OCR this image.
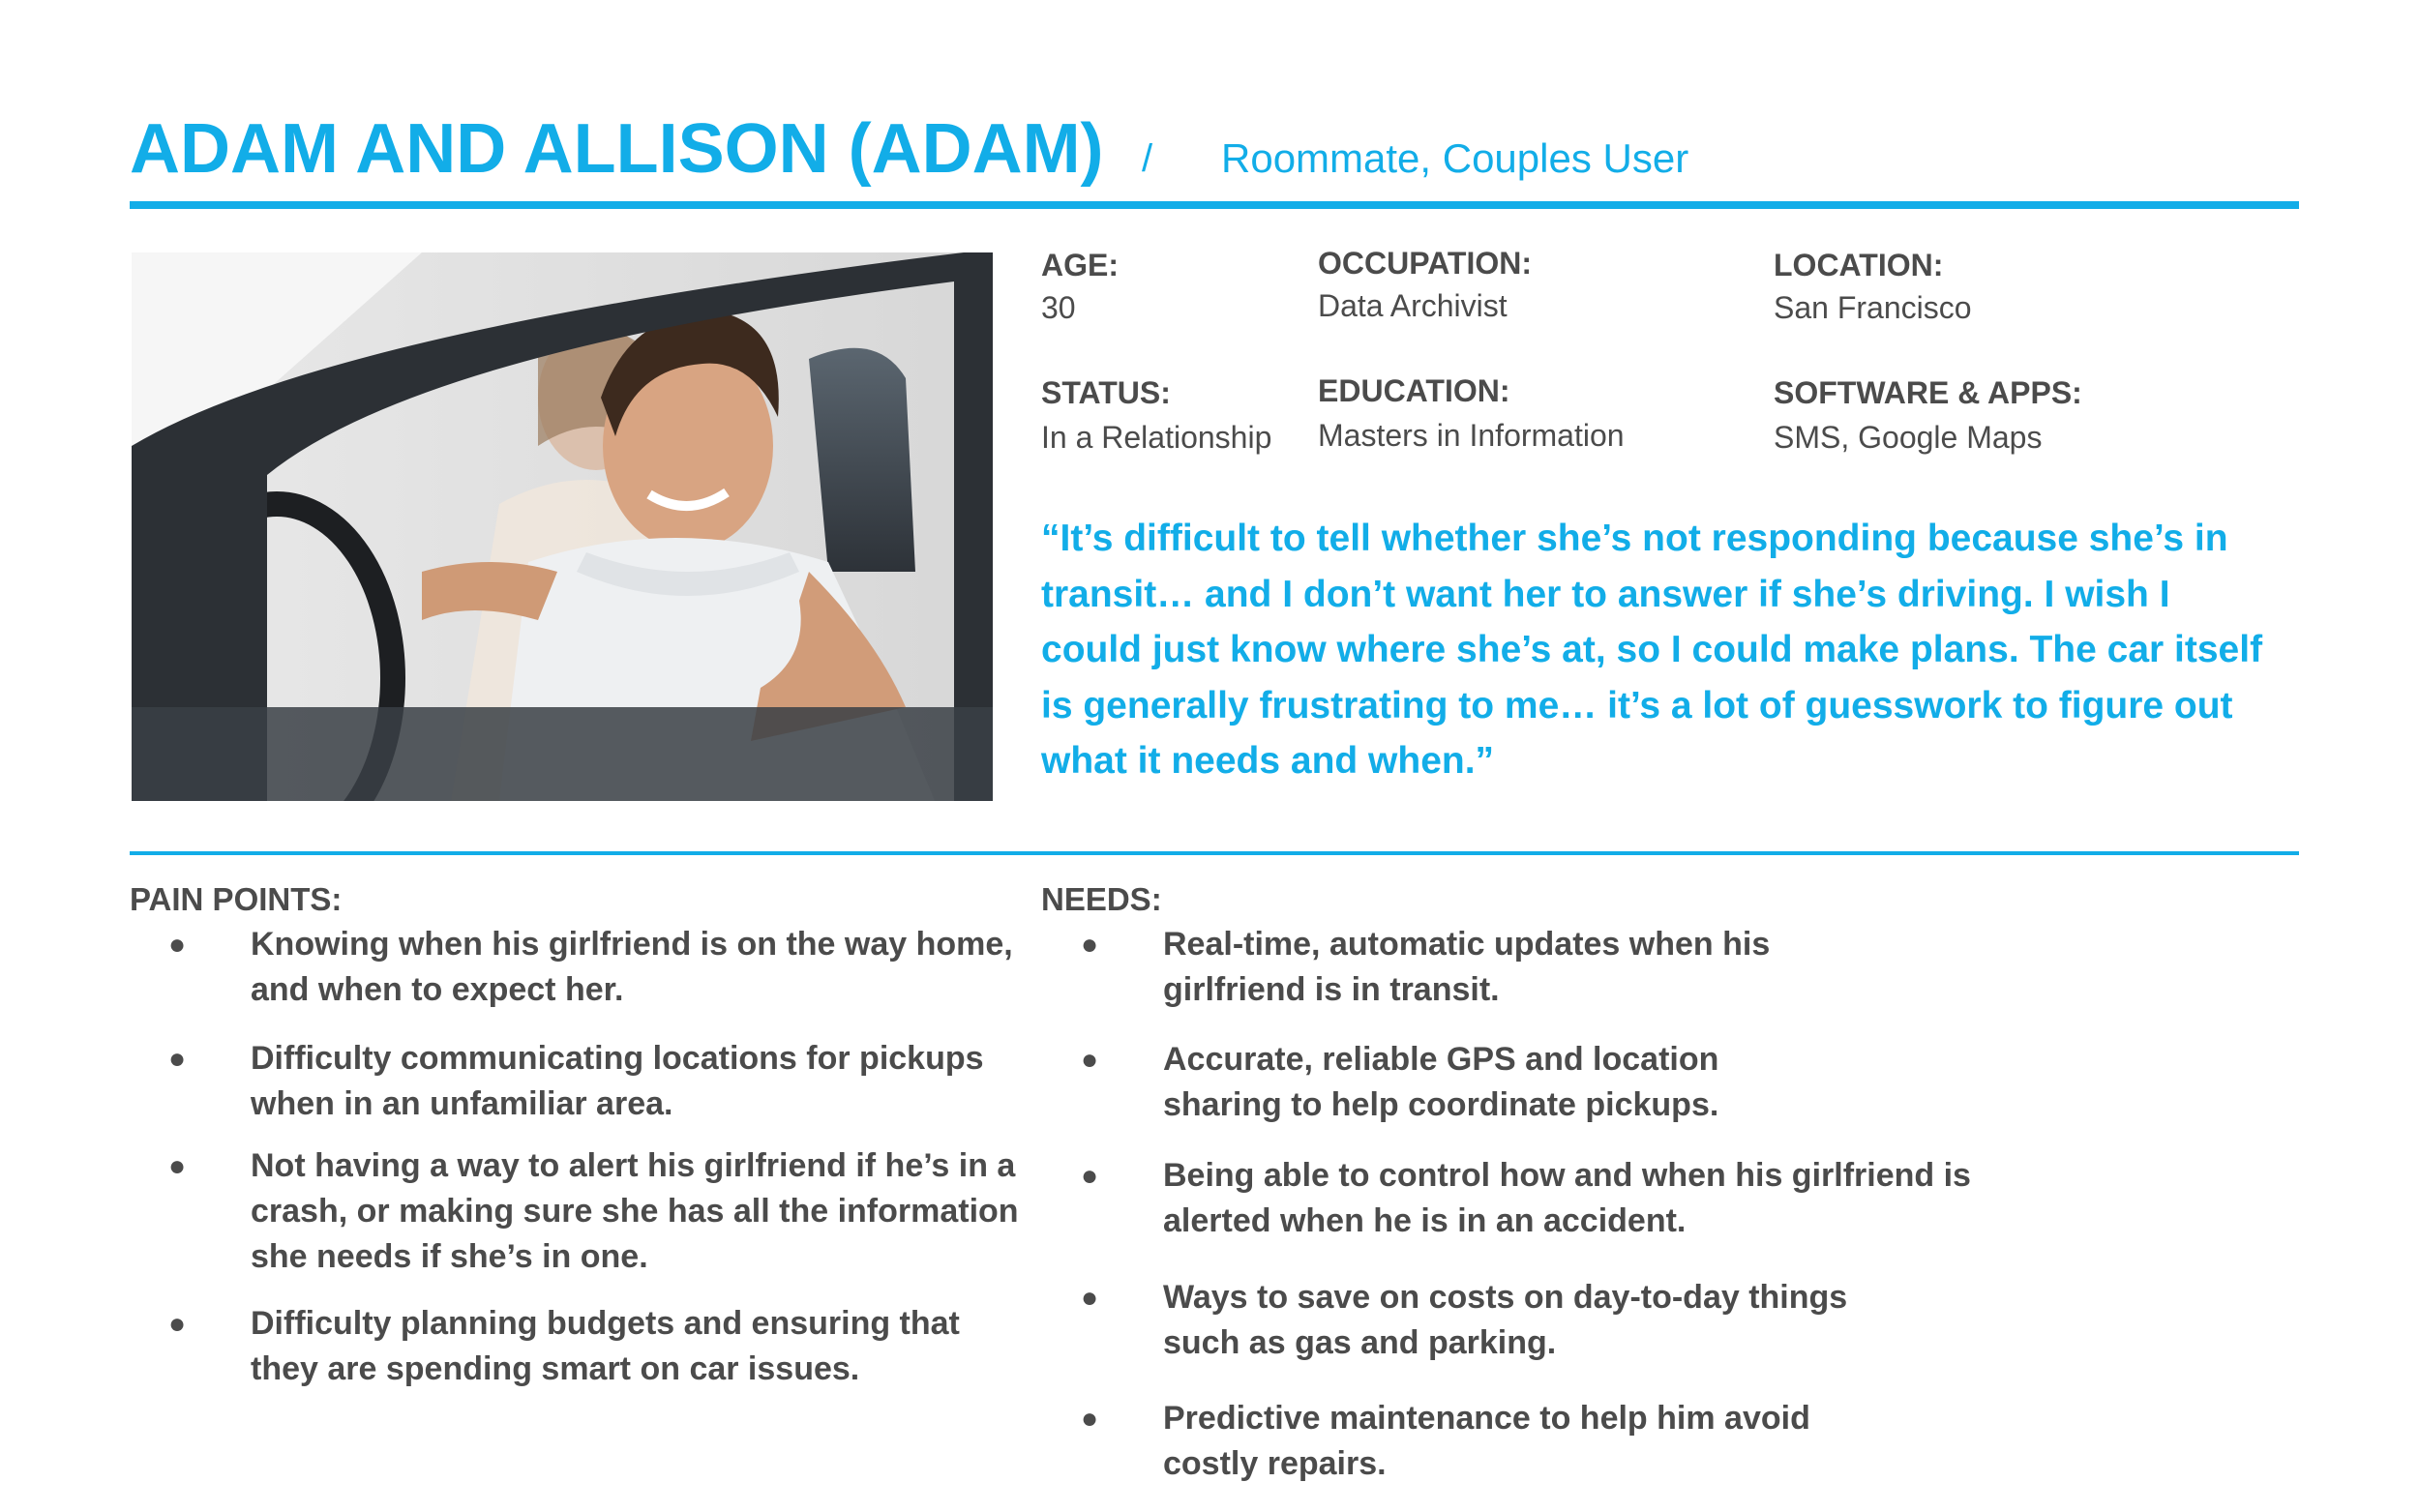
ADAM AND ALLISON (ADAM) / Roommate, Couples User
AGE:
30
OCCUPATION:
Data Archivist
LOCATION:
San Francisco
STATUS:
In a Relationship
EDUCATION:
Masters in Information
SOFTWARE & APPS:
SMS, Google Maps
“It’s difficult to tell whether she’s not responding because she’s in transit… and I don’t want her to answer if she’s driving. I wish I could just know where she’s at, so I could make plans. The car itself is generally frustrating to me… it’s a lot of guesswork to figure out what it needs and when.”
PAIN POINTS:
● Knowing when his girlfriend is on the way home, and when to expect her.
● Difficulty communicating locations for pickups when in an unfamiliar area.
● Not having a way to alert his girlfriend if he’s in a crash, or making sure she has all the information she needs if she’s in one.
● Difficulty planning budgets and ensuring that they are spending smart on car issues.
NEEDS:
● Real-time, automatic updates when his girlfriend is in transit.
● Accurate, reliable GPS and location sharing to help coordinate pickups.
● Being able to control how and when his girlfriend is alerted when he is in an accident.
● Ways to save on costs on day-to-day things such as gas and parking.
● Predictive maintenance to help him avoid costly repairs.
